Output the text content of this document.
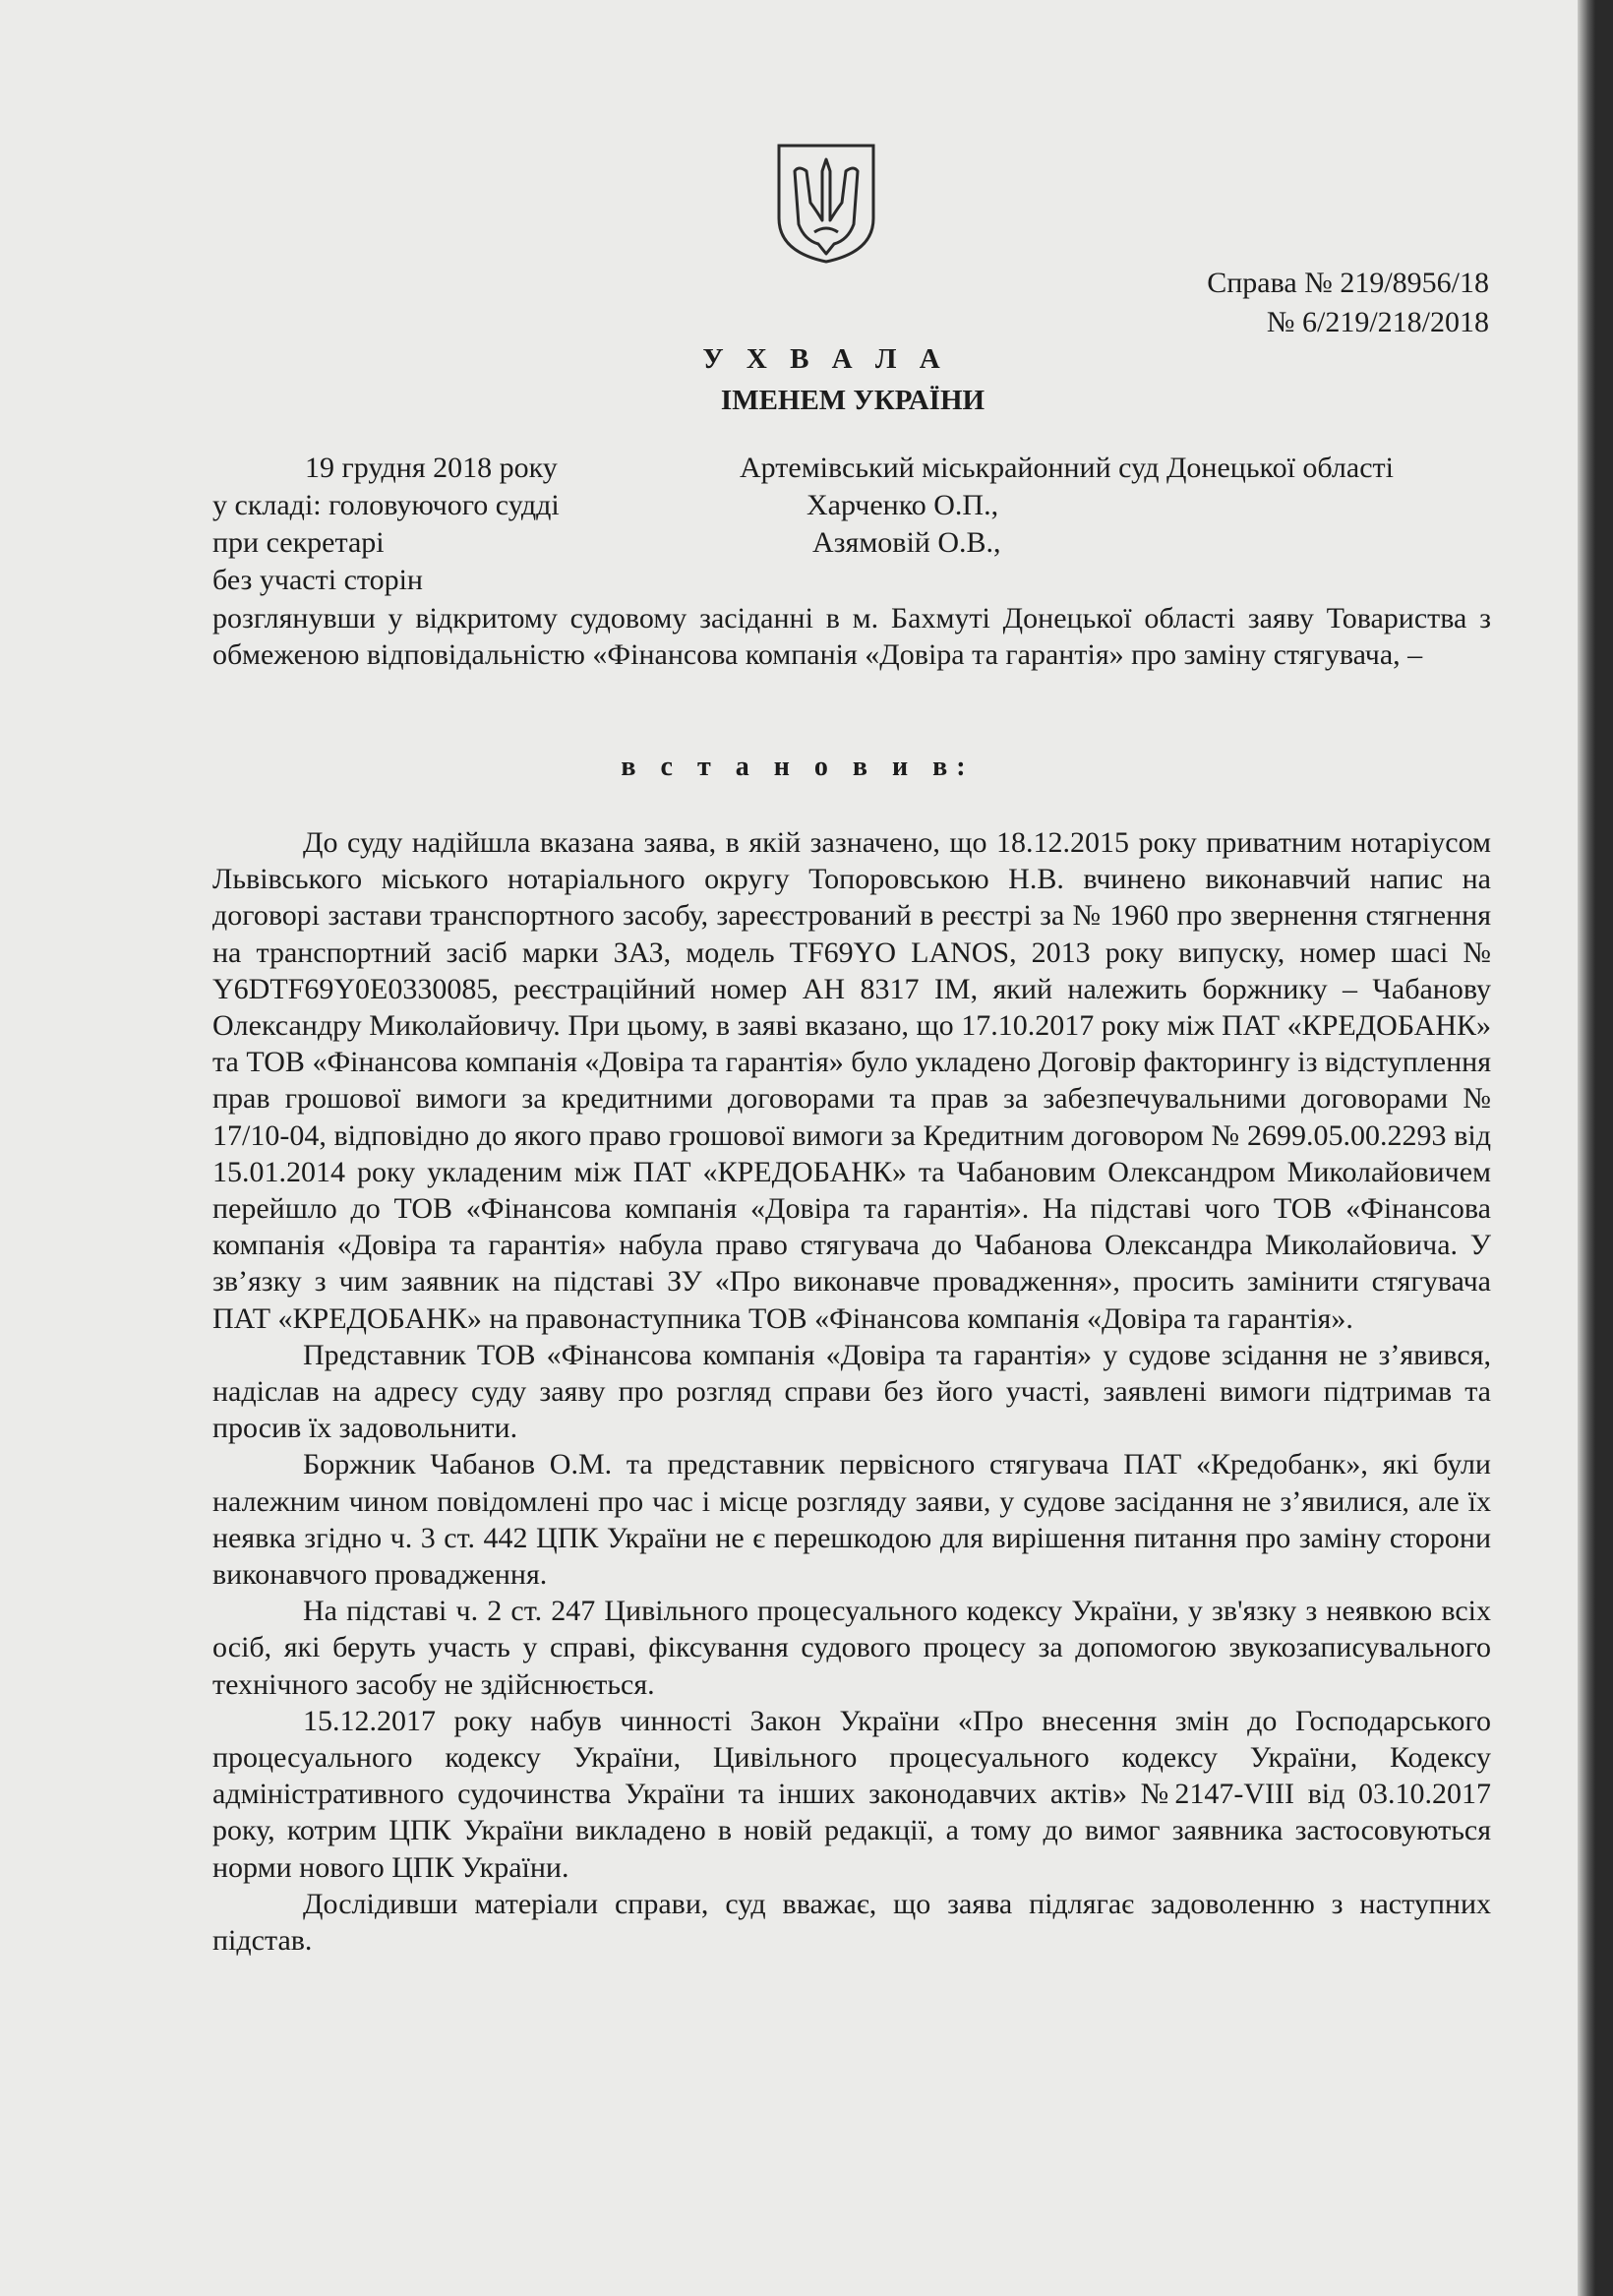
Справа № 219/8956/18
№ 6/219/218/2018
У Х В А Л А
ІМЕНЕМ УКРАЇНИ
19 грудня 2018 року	Артемівський міськрайонний суд Донецької області
у складі: головуючого судді	Харченко О.П.,
при секретарі	Азямовій О.В.,
без участі сторін

розглянувши у відкритому судовому засіданні в м. Бахмуті Донецької області заяву Товариства з обмеженою відповідальністю «Фінансова компанія «Довіра та гарантія» про заміну стягувача, –

в с т а н о в и в:

До суду надійшла вказана заява, в якій зазначено, що 18.12.2015 року приватним нотаріусом Львівського міського нотаріального округу Топоровською Н.В. вчинено виконавчий напис на договорі застави транспортного засобу, зареєстрований в реєстрі за № 1960 про звернення стягнення на транспортний засіб марки ЗАЗ, модель TF69YO LANOS, 2013 року випуску, номер шасі № Y6DTF69Y0E0330085, реєстраційний номер АН 8317 ІМ, який належить боржнику – Чабанову Олександру Миколайовичу. При цьому, в заяві вказано, що 17.10.2017 року між ПАТ «КРЕДОБАНК» та ТОВ «Фінансова компанія «Довіра та гарантія» було укладено Договір факторингу із відступлення прав грошової вимоги за кредитними договорами та прав за забезпечувальними договорами № 17/10-04, відповідно до якого право грошової вимоги за Кредитним договором № 2699.05.00.2293 від 15.01.2014 року укладеним між ПАТ «КРЕДОБАНК» та Чабановим Олександром Миколайовичем перейшло до ТОВ «Фінансова компанія «Довіра та гарантія». На підставі чого ТОВ «Фінансова компанія «Довіра та гарантія» набула право стягувача до Чабанова Олександра Миколайовича. У зв’язку з чим заявник на підставі ЗУ «Про виконавче провадження», просить замінити стягувача ПАТ «КРЕДОБАНК» на правонаступника ТОВ «Фінансова компанія «Довіра та гарантія».

Представник ТОВ «Фінансова компанія «Довіра та гарантія» у судове зсідання не з’явився, надіслав на адресу суду заяву про розгляд справи без його участі, заявлені вимоги підтримав та просив їх задовольнити.

Боржник Чабанов О.М. та представник первісного стягувача ПАТ «Кредобанк», які були належним чином повідомлені про час і місце розгляду заяви, у судове засідання не з’явилися, але їх неявка згідно ч. 3 ст. 442 ЦПК України не є перешкодою для вирішення питання про заміну сторони виконавчого провадження.

На підставі ч. 2 ст. 247 Цивільного процесуального кодексу України, у зв'язку з неявкою всіх осіб, які беруть участь у справі, фіксування судового процесу за допомогою звукозаписувального технічного засобу не здійснюється.

15.12.2017 року набув чинності Закон України «Про внесення змін до Господарського процесуального кодексу України, Цивільного процесуального кодексу України, Кодексу адміністративного судочинства України та інших законодавчих актів» №2147-VIII від 03.10.2017 року, котрим ЦПК України викладено в новій редакції, а тому до вимог заявника застосовуються норми нового ЦПК України.

Дослідивши матеріали справи, суд вважає, що заява підлягає задоволенню з наступних підстав.
